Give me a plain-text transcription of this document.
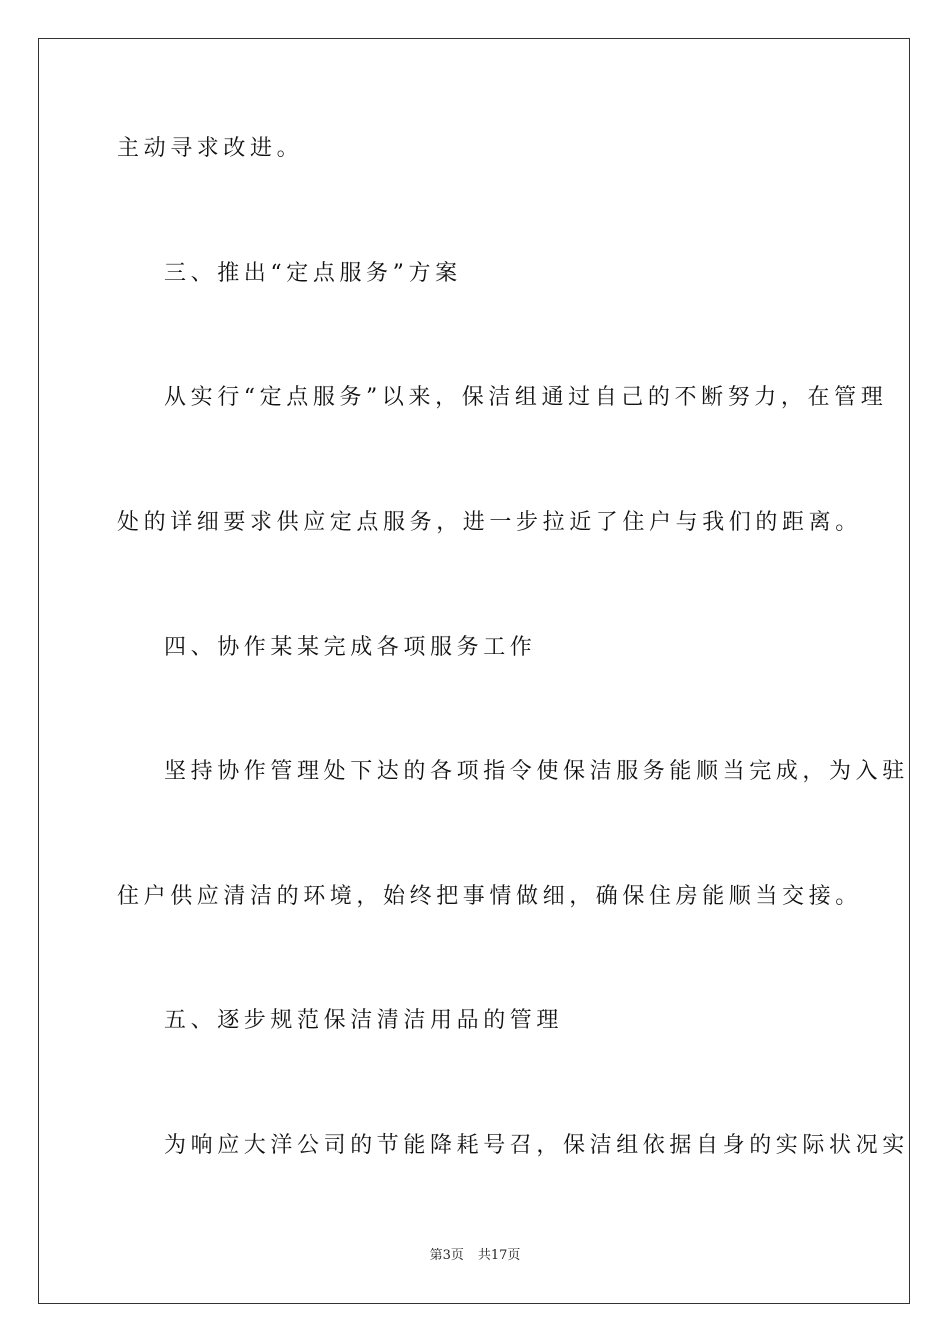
主动寻求改进。
三、推出“定点服务”方案
从实行“定点服务”以来，保洁组通过自己的不断努力，在管理
处的详细要求供应定点服务，进一步拉近了住户与我们的距离。
四、协作某某完成各项服务工作
坚持协作管理处下达的各项指令使保洁服务能顺当完成，为入驻
住户供应清洁的环境，始终把事情做细，确保住房能顺当交接。
五、逐步规范保洁清洁用品的管理
为响应大洋公司的节能降耗号召，保洁组依据自身的实际状况实
第3页 共17页
